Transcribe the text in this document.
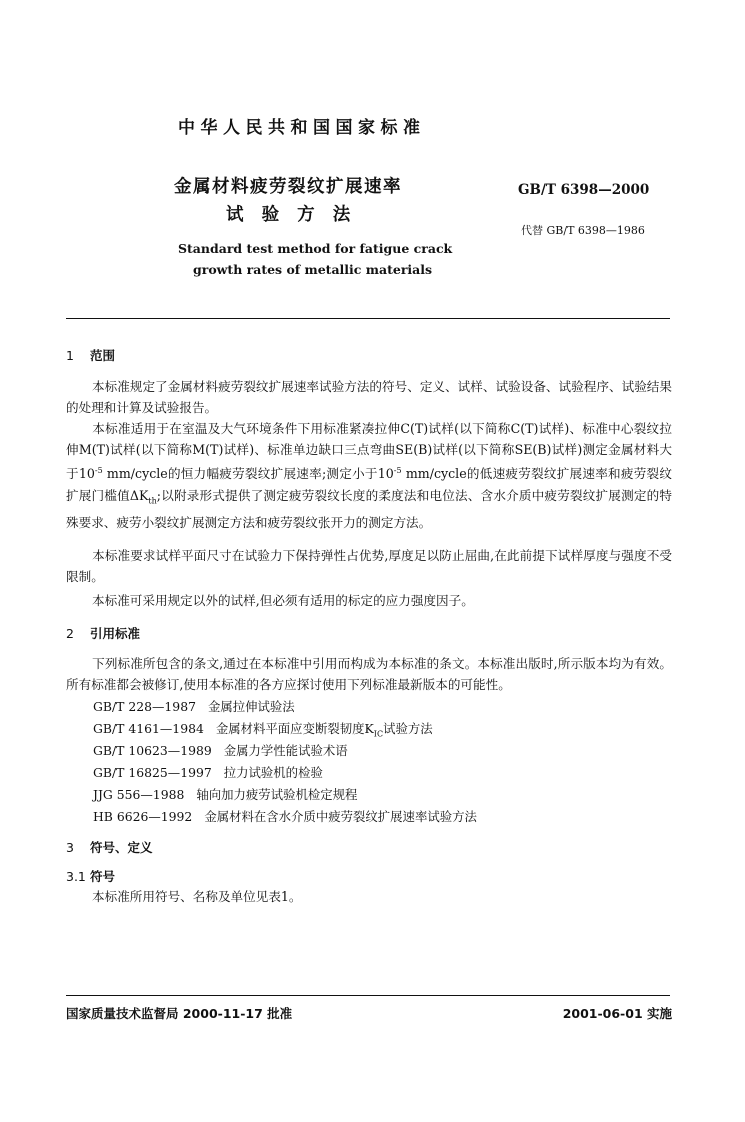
中华人民共和国国家标准
金属材料疲劳裂纹扩展速率
试 验 方 法
Standard test method for fatigue crack
growth rates of metallic materials
GB/T 6398—2000
代替 GB/T 6398—1986
1 范围
本标准规定了金属材料疲劳裂纹扩展速率试验方法的符号、定义、试样、试验设备、试验程序、试验结果的处理和计算及试验报告。
本标准适用于在室温及大气环境条件下用标准紧凑拉伸C(T)试样(以下简称C(T)试样)、标准中心裂纹拉伸M(T)试样(以下简称M(T)试样)、标准单边缺口三点弯曲SE(B)试样(以下简称SE(B)试样)测定金属材料大于$10^{-5}$ mm/cycle的恒力幅疲劳裂纹扩展速率;测定小于$10^{-5}$ mm/cycle的低速疲劳裂纹扩展速率和疲劳裂纹扩展门槛值$\Delta K_{th}$;以附录形式提供了测定疲劳裂纹长度的柔度法和电位法、含水介质中疲劳裂纹扩展测定的特殊要求、疲劳小裂纹扩展测定方法和疲劳裂纹张开力的测定方法。
本标准要求试样平面尺寸在试验力下保持弹性占优势,厚度足以防止屈曲,在此前提下试样厚度与强度不受限制。
本标准可采用规定以外的试样,但必须有适用的标定的应力强度因子。
2 引用标准
下列标准所包含的条文,通过在本标准中引用而构成为本标准的条文。本标准出版时,所示版本均为有效。所有标准都会被修订,使用本标准的各方应探讨使用下列标准最新版本的可能性。
GB/T 228—1987 金属拉伸试验法
GB/T 4161—1984 金属材料平面应变断裂韧度$K_{IC}$试验方法
GB/T 10623—1989 金属力学性能试验术语
GB/T 16825—1997 拉力试验机的检验
JJG 556—1988 轴向加力疲劳试验机检定规程
HB 6626—1992 金属材料在含水介质中疲劳裂纹扩展速率试验方法
3 符号、定义
3.1 符号
本标准所用符号、名称及单位见表1。
国家质量技术监督局 2000-11-17 批准	2001-06-01 实施
